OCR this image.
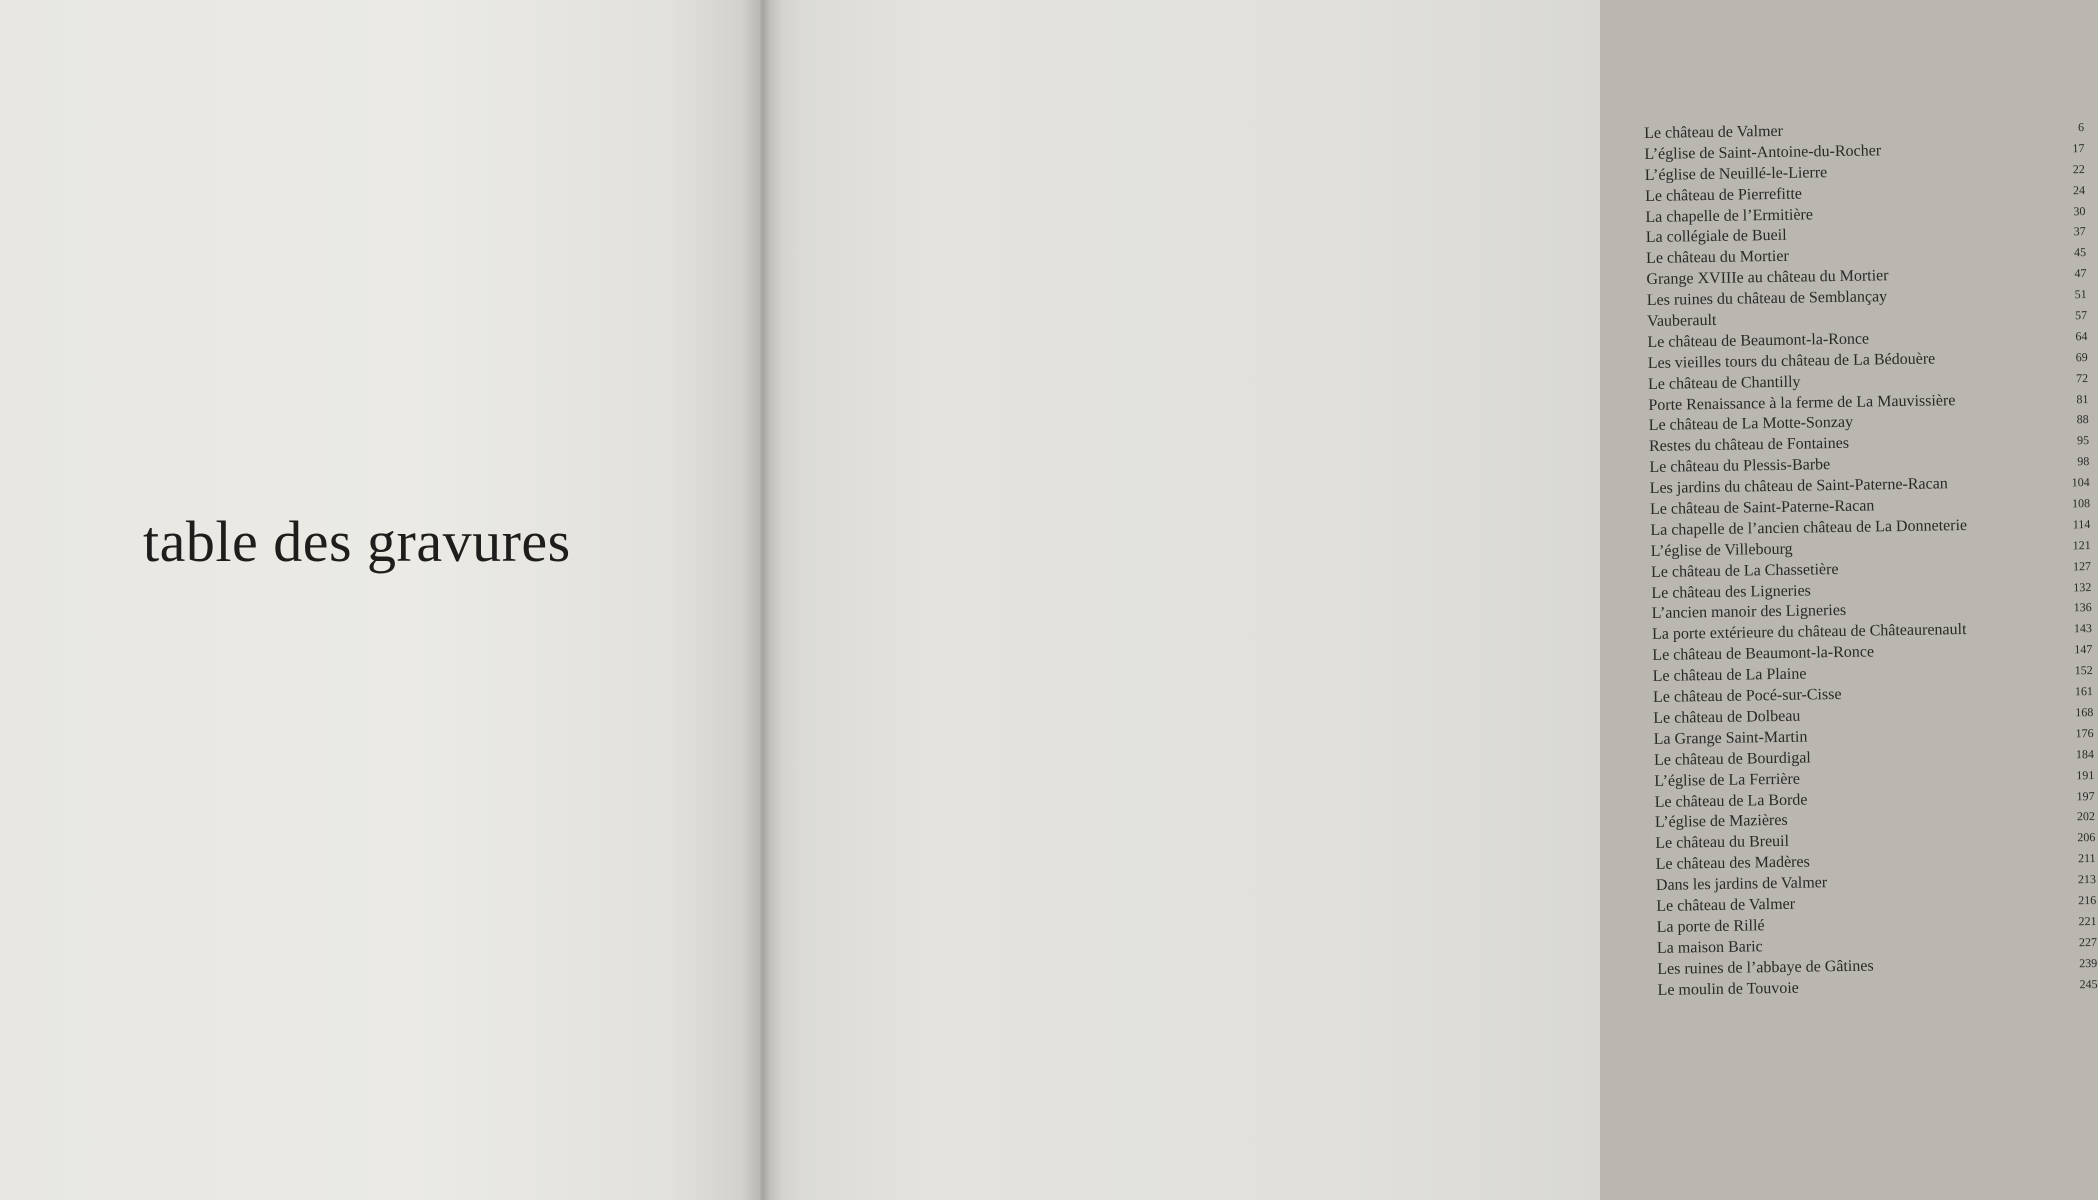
table des gravures
Le château de Valmer	6
L’église de Saint-Antoine-du-Rocher	17
L’église de Neuillé-le-Lierre	22
Le château de Pierrefitte	24
La chapelle de l’Ermitière	30
La collégiale de Bueil	37
Le château du Mortier	45
Grange XVIIIe au château du Mortier	47
Les ruines du château de Semblançay	51
Vauberault	57
Le château de Beaumont-la-Ronce	64
Les vieilles tours du château de La Bédouère	69
Le château de Chantilly	72
Porte Renaissance à la ferme de La Mauvissière	81
Le château de La Motte-Sonzay	88
Restes du château de Fontaines	95
Le château du Plessis-Barbe	98
Les jardins du château de Saint-Paterne-Racan	104
Le château de Saint-Paterne-Racan	108
La chapelle de l’ancien château de La Donneterie	114
L’église de Villebourg	121
Le château de La Chassetière	127
Le château des Ligneries	132
L’ancien manoir des Ligneries	136
La porte extérieure du château de Châteaurenault	143
Le château de Beaumont-la-Ronce	147
Le château de La Plaine	152
Le château de Pocé-sur-Cisse	161
Le château de Dolbeau	168
La Grange Saint-Martin	176
Le château de Bourdigal	184
L’église de La Ferrière	191
Le château de La Borde	197
L’église de Mazières	202
Le château du Breuil	206
Le château des Madères	211
Dans les jardins de Valmer	213
Le château de Valmer	216
La porte de Rillé	221
La maison Baric	227
Les ruines de l’abbaye de Gâtines	239
Le moulin de Touvoie	245
